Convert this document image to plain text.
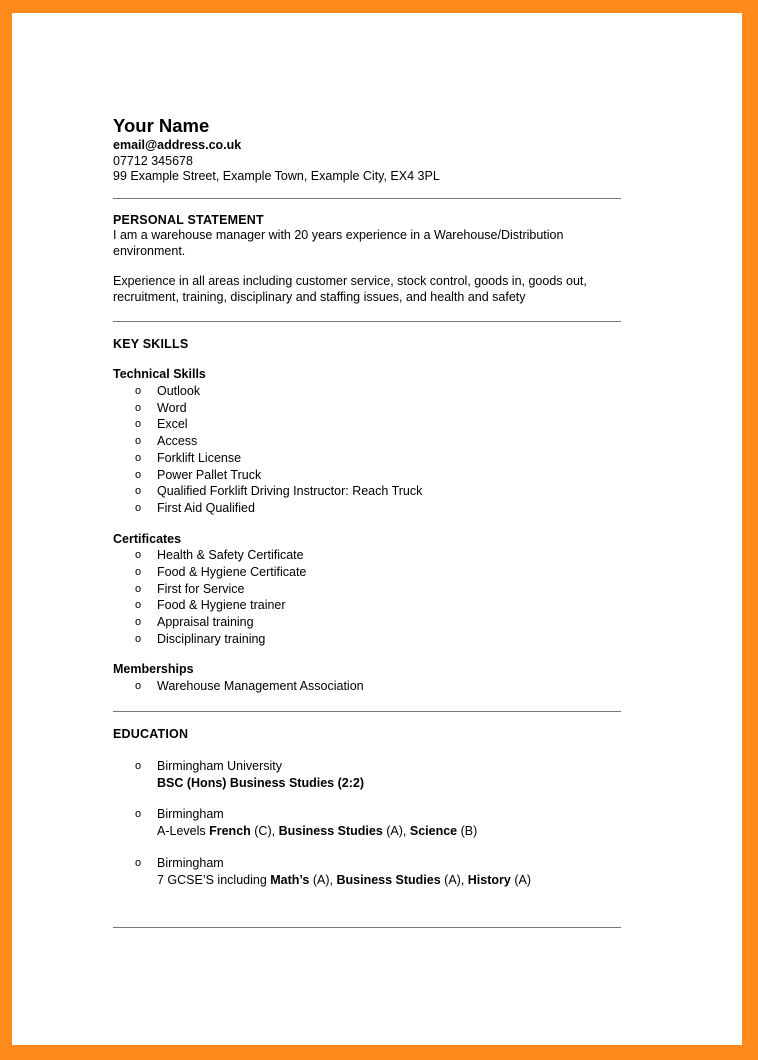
Your Name
email@address.co.uk
07712 345678
99 Example Street, Example Town, Example City, EX4 3PL
PERSONAL STATEMENT
I am a warehouse manager with 20 years experience in a Warehouse/Distribution environment.
Experience in all areas including customer service, stock control, goods in, goods out, recruitment, training, disciplinary and staffing issues, and health and safety
KEY SKILLS
Technical Skills
o Outlook
o Word
o Excel
o Access
o Forklift License
o Power Pallet Truck
o Qualified Forklift Driving Instructor: Reach Truck
o First Aid Qualified
Certificates
o Health & Safety Certificate
o Food & Hygiene Certificate
o First for Service
o Food & Hygiene trainer
o Appraisal training
o Disciplinary training
Memberships
o Warehouse Management Association
EDUCATION
o Birmingham University
BSC (Hons) Business Studies (2:2)
o Birmingham
A-Levels French (C), Business Studies (A), Science (B)
o Birmingham
7 GCSE’S including Math’s (A), Business Studies (A), History (A)
